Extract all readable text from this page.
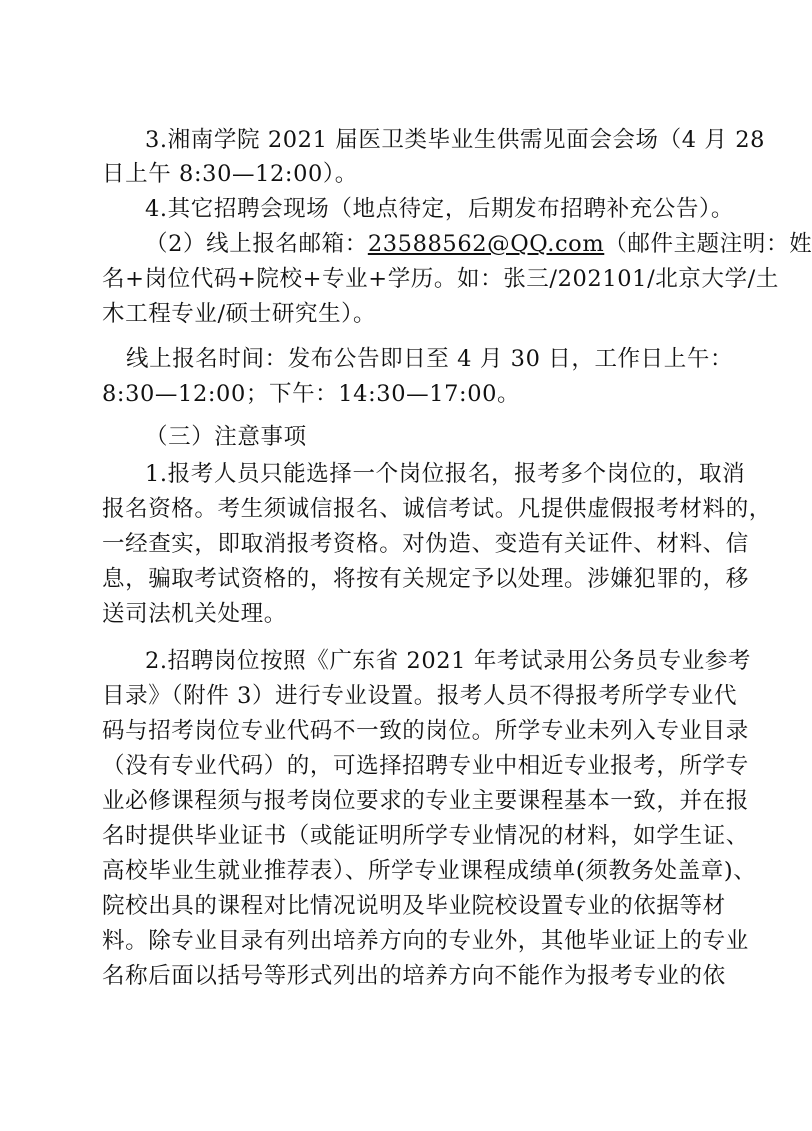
3.湘南学院 2021 届医卫类毕业生供需见面会会场（4 月 28
日上午 8:30—12:00）。
4.其它招聘会现场（地点待定，后期发布招聘补充公告）。
（2）线上报名邮箱：23588562@QQ.com（邮件主题注明：姓
名+岗位代码+院校+专业+学历。如：张三/202101/北京大学/土
木工程专业/硕士研究生）。
线上报名时间：发布公告即日至 4 月 30 日，工作日上午：
8:30—12:00；下午：14:30—17:00。
（三）注意事项
1.报考人员只能选择一个岗位报名，报考多个岗位的，取消
报名资格。考生须诚信报名、诚信考试。凡提供虚假报考材料的，
一经查实，即取消报考资格。对伪造、变造有关证件、材料、信
息，骗取考试资格的，将按有关规定予以处理。涉嫌犯罪的，移
送司法机关处理。
2.招聘岗位按照《广东省 2021 年考试录用公务员专业参考
目录》（附件 3）进行专业设置。报考人员不得报考所学专业代
码与招考岗位专业代码不一致的岗位。所学专业未列入专业目录
（没有专业代码）的，可选择招聘专业中相近专业报考，所学专
业必修课程须与报考岗位要求的专业主要课程基本一致，并在报
名时提供毕业证书（或能证明所学专业情况的材料，如学生证、
高校毕业生就业推荐表）、所学专业课程成绩单(须教务处盖章)、
院校出具的课程对比情况说明及毕业院校设置专业的依据等材
料。除专业目录有列出培养方向的专业外，其他毕业证上的专业
名称后面以括号等形式列出的培养方向不能作为报考专业的依
